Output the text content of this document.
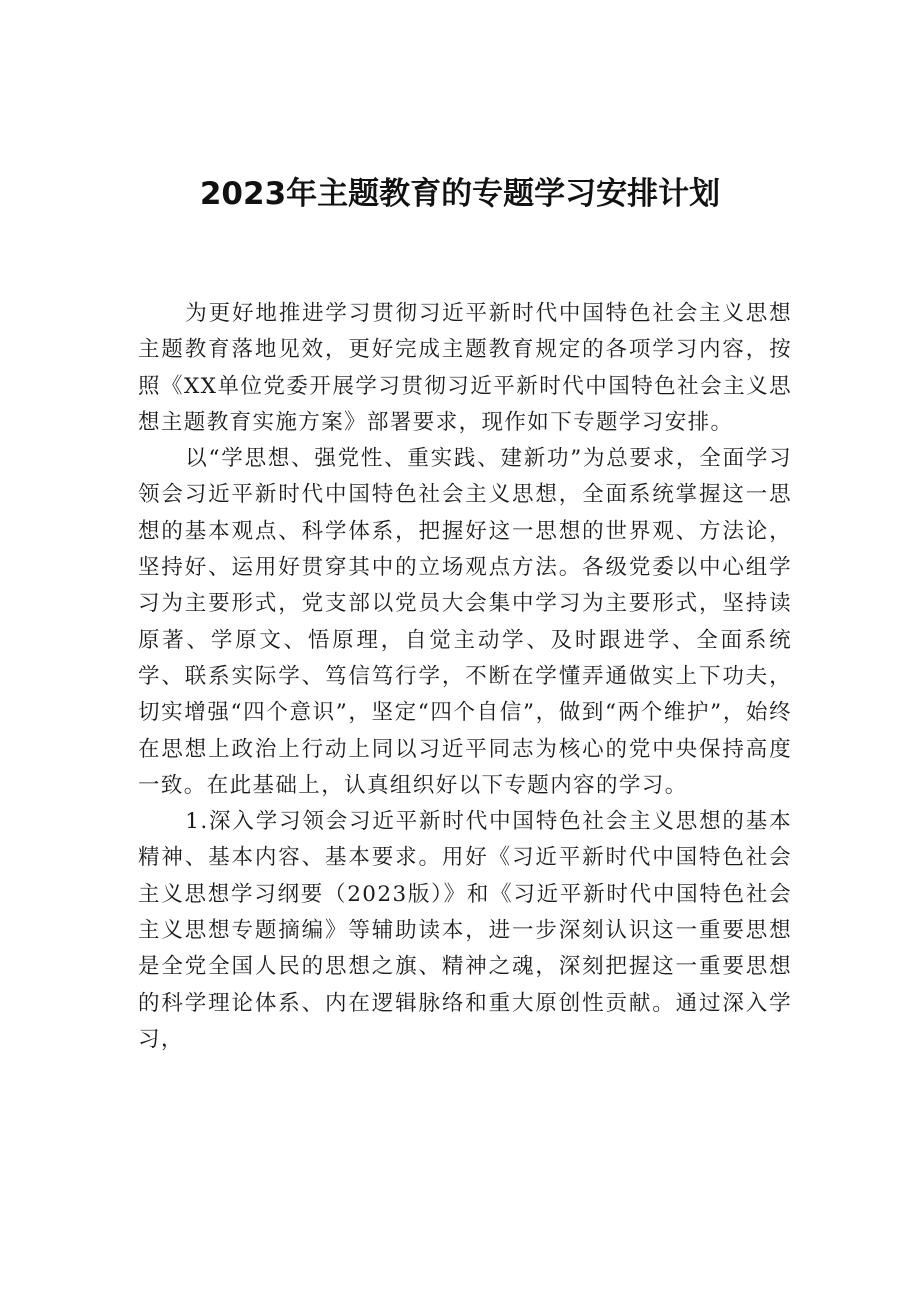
2023年主题教育的专题学习安排计划

为更好地推进学习贯彻习近平新时代中国特色社会主义思想主题教育落地见效，更好完成主题教育规定的各项学习内容，按照《XX单位党委开展学习贯彻习近平新时代中国特色社会主义思想主题教育实施方案》部署要求，现作如下专题学习安排。

以“学思想、强党性、重实践、建新功”为总要求，全面学习领会习近平新时代中国特色社会主义思想，全面系统掌握这一思想的基本观点、科学体系，把握好这一思想的世界观、方法论，坚持好、运用好贯穿其中的立场观点方法。各级党委以中心组学习为主要形式，党支部以党员大会集中学习为主要形式，坚持读原著、学原文、悟原理，自觉主动学、及时跟进学、全面系统学、联系实际学、笃信笃行学，不断在学懂弄通做实上下功夫，切实增强“四个意识”，坚定“四个自信”，做到“两个维护”，始终在思想上政治上行动上同以习近平同志为核心的党中央保持高度一致。在此基础上，认真组织好以下专题内容的学习。

1.深入学习领会习近平新时代中国特色社会主义思想的基本精神、基本内容、基本要求。用好《习近平新时代中国特色社会主义思想学习纲要（2023版）》和《习近平新时代中国特色社会主义思想专题摘编》等辅助读本，进一步深刻认识这一重要思想是全党全国人民的思想之旗、精神之魂，深刻把握这一重要思想的科学理论体系、内在逻辑脉络和重大原创性贡献。通过深入学习，
